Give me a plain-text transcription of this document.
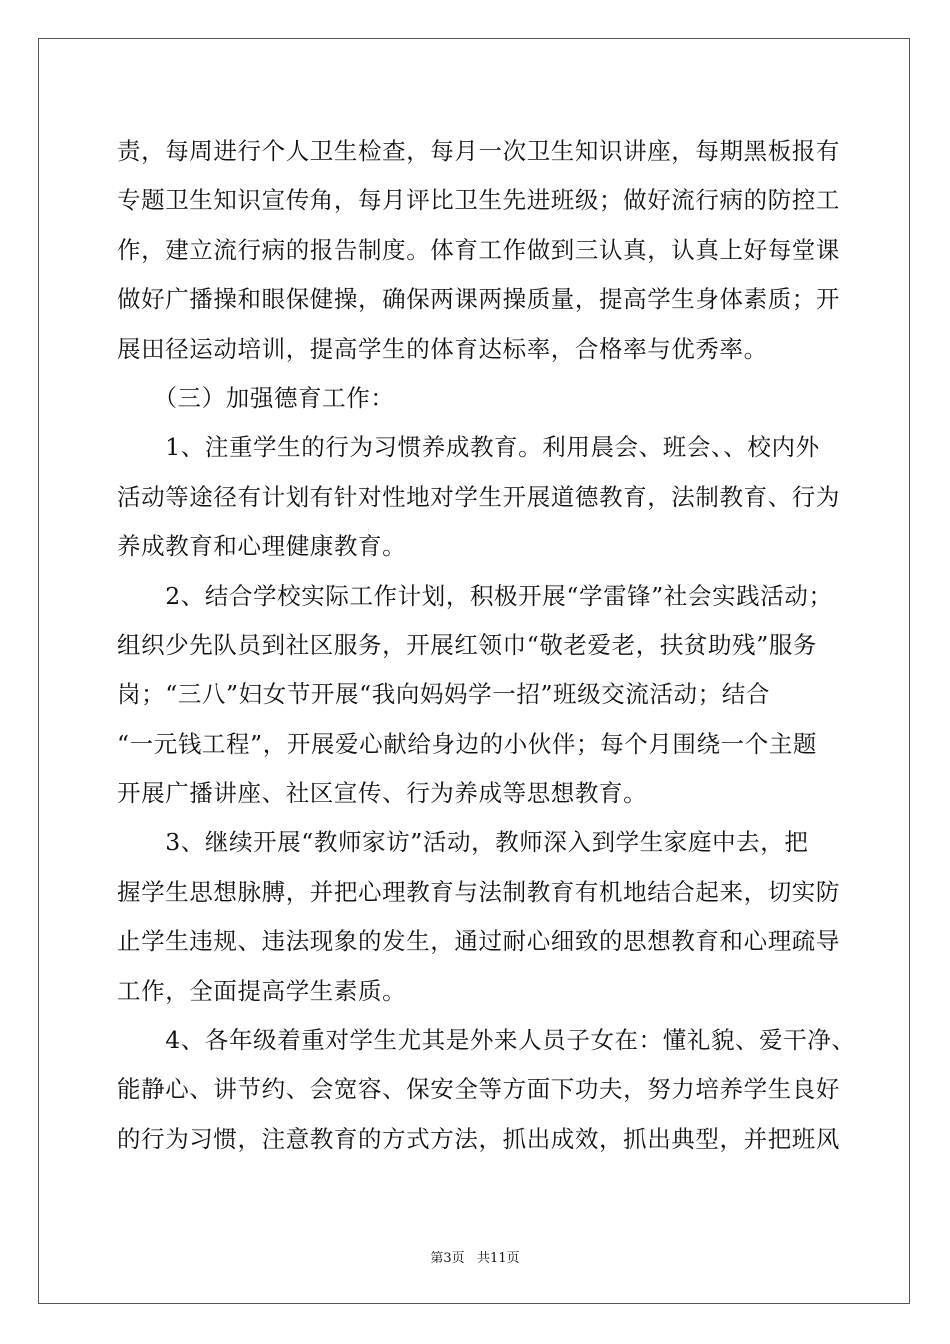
责，每周进行个人卫生检查，每月一次卫生知识讲座，每期黑板报有
专题卫生知识宣传角，每月评比卫生先进班级；做好流行病的防控工
作，建立流行病的报告制度。体育工作做到三认真，认真上好每堂课
做好广播操和眼保健操，确保两课两操质量，提高学生身体素质；开
展田径运动培训，提高学生的体育达标率，合格率与优秀率。
　　（三）加强德育工作：
　　1、注重学生的行为习惯养成教育。利用晨会、班会、、校内外
活动等途径有计划有针对性地对学生开展道德教育，法制教育、行为
养成教育和心理健康教育。
　　2、结合学校实际工作计划，积极开展“学雷锋”社会实践活动；
组织少先队员到社区服务，开展红领巾“敬老爱老，扶贫助残”服务
岗；“三八”妇女节开展“我向妈妈学一招”班级交流活动；结合
“一元钱工程”，开展爱心献给身边的小伙伴；每个月围绕一个主题
开展广播讲座、社区宣传、行为养成等思想教育。
　　3、继续开展“教师家访”活动，教师深入到学生家庭中去，把
握学生思想脉膊，并把心理教育与法制教育有机地结合起来，切实防
止学生违规、违法现象的发生，通过耐心细致的思想教育和心理疏导
工作，全面提高学生素质。
　　4、各年级着重对学生尤其是外来人员子女在：懂礼貌、爱干净、
能静心、讲节约、会宽容、保安全等方面下功夫，努力培养学生良好
的行为习惯，注意教育的方式方法，抓出成效，抓出典型，并把班风
第3页   共11页
